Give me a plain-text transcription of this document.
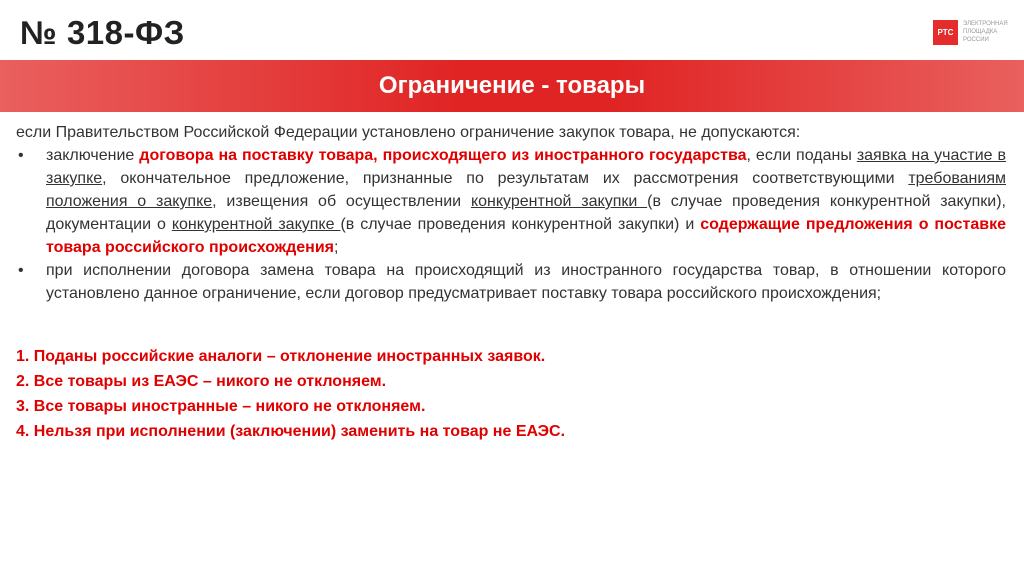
№ 318-ФЗ	РТС
ЭЛЕКТРОННАЯ ПЛОЩАДКА РОССИИ
Ограничение - товары
если Правительством Российской Федерации установлено ограничение закупок товара, не допускаются:
• заключение договора на поставку товара, происходящего из иностранного государства, если поданы заявка на участие в закупке, окончательное предложение, признанные по результатам их рассмотрения соответствующими требованиям положения о закупке, извещения об осуществлении конкурентной закупки (в случае проведения конкурентной закупки), документации о конкурентной закупке (в случае проведения конкурентной закупки) и содержащие предложения о поставке товара российского происхождения;
• при исполнении договора замена товара на происходящий из иностранного государства товар, в отношении которого установлено данное ограничение, если договор предусматривает поставку товара российского происхождения;
1. Поданы российские аналоги – отклонение иностранных заявок.
2. Все товары из ЕАЭС – никого не отклоняем.
3. Все товары иностранные – никого не отклоняем.
4. Нельзя при исполнении (заключении) заменить на товар не ЕАЭС.
